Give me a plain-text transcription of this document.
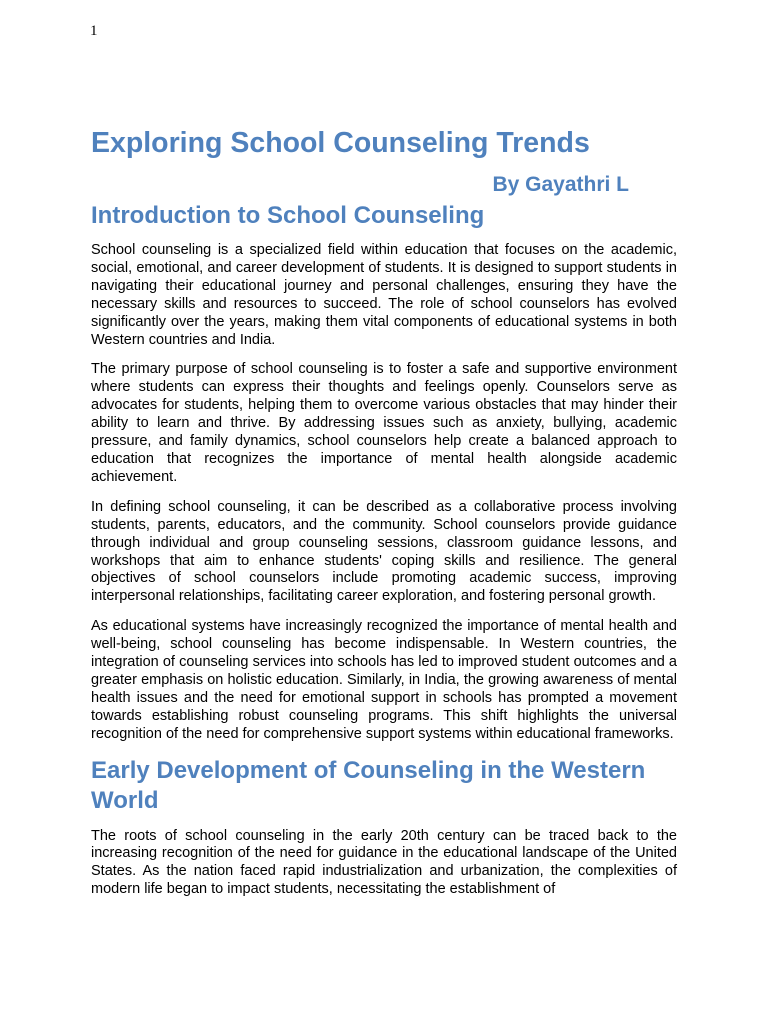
1
Exploring School Counseling Trends
By Gayathri L
Introduction to School Counseling

School counseling is a specialized field within education that focuses on the academic, social, emotional, and career development of students. It is designed to support students in navigating their educational journey and personal challenges, ensuring they have the necessary skills and resources to succeed. The role of school counselors has evolved significantly over the years, making them vital components of educational systems in both Western countries and India.

The primary purpose of school counseling is to foster a safe and supportive environment where students can express their thoughts and feelings openly. Counselors serve as advocates for students, helping them to overcome various obstacles that may hinder their ability to learn and thrive. By addressing issues such as anxiety, bullying, academic pressure, and family dynamics, school counselors help create a balanced approach to education that recognizes the importance of mental health alongside academic achievement.

In defining school counseling, it can be described as a collaborative process involving students, parents, educators, and the community. School counselors provide guidance through individual and group counseling sessions, classroom guidance lessons, and workshops that aim to enhance students' coping skills and resilience. The general objectives of school counselors include promoting academic success, improving interpersonal relationships, facilitating career exploration, and fostering personal growth.

As educational systems have increasingly recognized the importance of mental health and well-being, school counseling has become indispensable. In Western countries, the integration of counseling services into schools has led to improved student outcomes and a greater emphasis on holistic education. Similarly, in India, the growing awareness of mental health issues and the need for emotional support in schools has prompted a movement towards establishing robust counseling programs. This shift highlights the universal recognition of the need for comprehensive support systems within educational frameworks.

Early Development of Counseling in the Western World

The roots of school counseling in the early 20th century can be traced back to the increasing recognition of the need for guidance in the educational landscape of the United States. As the nation faced rapid industrialization and urbanization, the complexities of modern life began to impact students, necessitating the establishment of
